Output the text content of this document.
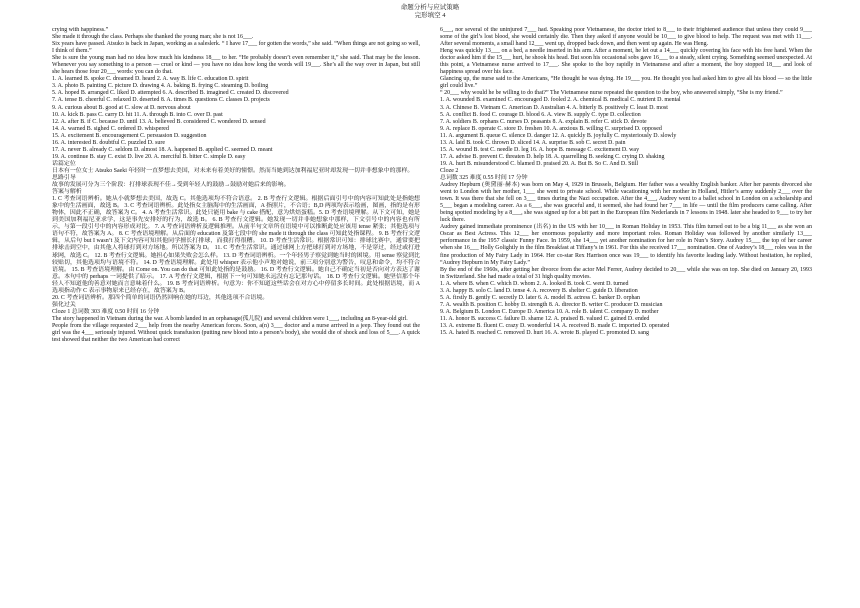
命题分析与应试策略
完形填空 4

crying with happiness.”

She made it through the class. Perhaps she thanked the young man; she is not 16___.

Six years have passed. Atsuko is back in Japan, working as a saleslerk. “ I have 17___ for gotten the words,” she said. “When things are not going so well, I think of them.”

She is sure the young man had no idea how much his kindness 18___ to her. “He probably doesn’t even remember it,” she said. That may be the lesson. Whenever you say something to a person — cruel or kind — you have no idea how long the words will 19___. She’s all the way over in Japan, but still she hears those four 20___ words: you can do that.

1. A. learned B. spoke C. dreamed D. heard 2. A. way B. life C. education D. spirit

3. A. photo B. painting C. picture D. drawing 4. A. baking B. frying C. steaming D. boiling

5. A. hoped B. arranged C. liked D. attempted 6. A. described B. imagined C. created D. discovered

7. A. tense B. cheerful C. relaxed D. deserted 8. A. times B. questions C. classes D. projects

9. A. curious about B. good at C. slow at D. nervous about

10. A. kick B. pass C. carry D. hit 11. A. through B. into C. over D. past

12. A. after B. if C. because D. until 13. A. believed B. considered C. wondered D. sensed

14. A. warned B. sighed C. ordered D. whispered

15. A. excitement B. encouragement C. persuasion D. suggestion

16. A. interested B. doubtful C. puzzled D. sure

17. A. never B. already C. seldom D. almost 18. A. happened B. applied C. seemed D. meant

19. A. continue B. stay C. exist D. live 20. A. merciful B. bitter C. simple D. easy

话篇定位

日本有一位女士 Atsuko Saeki 年轻时一直梦想去美国，对未来有着美好的憧憬。然而当她到达加利福尼亚时却发现一切并非想象中的那样。

思路引导

故事的发展可分为三个阶段：打排球表现不佳→受到年轻人的鼓励→鼓励对她后来的影响。

答案与解析

1. C 考查词语辨析。她从小就梦想去美国，故选 C。其他选项均不符合语意。 2. B 考查行文逻辑。根据后面引号中的内容可知此处是指她想象中的生活画面，故选 B。 3. C 考查词语辨析。此处指女主脑海中的生活画面，A 指照片，不合语；B,D 两项均表示绘画，图画，指的是有形物体，因此不正确，故答案为 C。 4. A 考查生活常识。此处只能用 bake 与 cake 搭配，意为烘焙蛋糕。5. D 考查语境理解。从下文可知，她是到美国加利福尼亚求学，这是事先安排好的行为，故选 B。 6. B 考查行文逻辑。她发现一切并非她想象中那样，下文引号中的内容也有所示，与第一段引号中的内容形成对比。 7. A 考查词语辨析及逻辑推理。从前半句文章所在语境中可以推断此处应该用 tense 紧张；其他选项与语句不符，故答案为 A。 8. C 考查语境理解。从后面的 education 及第七段中的 she made it through the class 可知此处指课程。 9. B 考查行文逻辑，从后句 but I wasn’t 及下文内容可知其他同学擅长打排球，而我打得很糟。 10. D 考查生活常识。根据常识可知：排球比赛中，通常要把排球击到空中，由其他人将球打到对方场地。所以答案为 D。 11. C 考查生活常识。通过球网上方把球打到对方场地，不是穿过，经过或打进球网，故选 C。 12. B 考查行文逻辑。她担心如果失败会怎么样。 13. D 考查词语辨析。一个年轻男子察觉到她当时的困境。用 sense 察觉到比较贴切，其他选项均与语境不符。 14. D 考查语境理解。此处用 whisper 表示他小声地对她说，前三项分别意为警告，叹息和命令，均不符合语境。 15. B 考查语境理解。由 Come on. You can do that 可知此处指的是鼓励。 16. D 考查行文逻辑。她自己不确定当初是否向对方表达了谢意。本句中的 perhaps 一词提供了暗示。 17. A 考查行文逻辑，根据下一句可知她永远没有忘记那句话。 18. D 考查行文逻辑。她坚信那个年轻人不知道他的善意对她而言意味着什么。 19. B 考查词语辨析。句意为：你不知道这些话会在对方心中停留多长时间。此处根据语境，而 A 选项指动作 C 表示事物原来已经存在，故答案为 B。

20. C 考查词语辨析。那四个简单的词语仍然回响在她的耳边，其他选项不合语境。

强化过关

Cloze 1 总词数 303 难度 0.50 时间 16 分钟

The story happened in Vietnam during the war. A bomb landed in an orphanage(孤儿院) and several children were 1___, including an 8-year-old girl.

People from the village requested 2___ help from the nearby American forces. Soon, a(n) 3___ doctor and a nurse arrived in a jeep. They found out the girl was the 4___ seriously injured. Without quick transfusion (putting new blood into a person’s body), she would die of shock and loss of 5___. A quick test showed that neither the two American had correct

6___, nor several of the uninjured 7___ had. Speaking poor Vietnamese, the doctor tried to 8___ to their frightened audience that unless they could 9___ some of the girl’s lost blood, she would certainly die. Then they asked if anyone would be 10___ to give blood to help. The request was met with 11___. After several moments, a small hand 12___ went up, dropped back down, and then went up again. He was Heng.

Heng was quickly 13___ on a bed, a needle inserted in his arm. After a moment, he let out a 14___ quickly covering his face with his free hand. When the doctor asked him if the 15___ hurt, he shook his head. But soon his occasional sobs gave 16___ to a steady, silent crying. Something seemed unexpected. At this point, a Vietnamese nurse arrived to 17___. She spoke to the boy rapidly in Vietnamese and after a moment, the boy stopped 18___ and look of happiness spread over his face.

Glancing up, the nurse said to the Americans, “He thought he was dying. He 19___ you. He thought you had asked him to give all his blood — so the little girl could live.”

“ 20___ why would he be willing to do that?” The Vietnamese nurse repeated the question to the boy, who answered simply, “She is my friend.”

1. A. wounded B. examined C. encouraged D. fooled 2. A. chemical B. medical C. nutrient D. mental

3. A. Chinese B. Vietnam C. American D. Australian 4. A. bitterly B. positively C. least D. most

5. A. conflict B. food C. courage D. blood 6. A. view B. supply C. type D. collection

7. A. soldiers B. orphans C. nurses D. peasants 8. A. explain B. refer C. stick D. devote

9. A. replace B. operate C. store D. freshen 10. A. anxious B. willing C. surprised D. opposed

11. A. argument B. queue C. silence D. danger 12. A. quickly B. joyfully C. mysteriously D. slowly

13. A. laid B. took C. thrown D. sliced 14. A. surprise B. sob C. secret D. pain

15. A. wound B. test C. needle D. leg 16. A. hope B. message C. excitement D. way

17. A. advise B. prevent C. threaten D. help 18. A. quarrelling B. seeking C. crying D. shaking

19. A. hurt B. misunderstood C. blamed D. praised 20. A. But B. So C. And D. Still

Cloze 2

总词数 325 难度 0.55 时间 17 分钟

Audrey Hepburn (奥黛丽·赫本) was born on May 4, 1929 in Brussels, Belgium. Her father was a wealthy English banker. After her parents divorced she went to London with her mother, 1___ she went to private school. While vacationing with her mother in Holland, Hitler’s army suddenly 2___ over the town. It was there that she fell on 3___ times during the Nazi occupation. After the 4___, Audrey went to a ballet school in London on a scholarship and 5___ began a modeling career. As a 6___, she was graceful and, it seemed, she had found her 7___ in life — until the film producers came calling. After being spotted modeling by a 8___, she was signed up for a bit part in the European film Nederlands in 7 lessons in 1948. later she headed to 9___ to try her luck there.

Audrey gained immediate prominence (出名) in the US with her 10___ in Roman Holiday in 1953. This film turned out to be a big 11___ as she won an Oscar as Best Actress. This 12___ her enormous popularity and more important roles. Roman Holiday was followed by another similarly 13___ performance in the 1957 classic Funny Face. In 1959, she 14___ yet another nomination for her role in Nun’s Story. Audrey 15___ the top of her career when she 16___ Holly Golightly in the film Breakfast at Tiffany’s in 1961. For this she received 17___ nomination. One of Audrey’s 18___ roles was in the fine production of My Fairy Lady in 1964. Her co-star Rex Harrison once was 19___ to identify his favorite leading lady. Without hesitation, he replied, “Audrey Hepburn in My Fairy Lady.”

By the end of the 1960s, after getting her divorce from the actor Mel Ferrer, Audrey decided to 20___ while she was on top. She died on January 20, 1993 in Switzerland. She had made a total of 31 high quality movies.

1. A. where B. when C. which D. whom 2. A. looked B. took C. went D. turned

3. A. happy B. solo C. land D. tense 4. A. recovery B. shelter C. guide D. liberation

5. A. firstly B. gently C. secretly D. later 6. A. model B. actress C. banker D. orphan

7. A. wealth B. position C. hobby D. strength 8. A. director B. writer C. producer D. musician

9. A. Belgium B. London C. Europe D. America 10. A. role B. talent C. company D. mother

11. A. honor B. success C. failure D. shame 12. A. praised B. valued C. gained D. ended

13. A. extreme B. fluent C. crazy D. wonderful 14. A. received B. made C. imported D. operated

15. A. hated B. reached C. removed D. hurt 16. A. wrote B. played C. promoted D. sang
